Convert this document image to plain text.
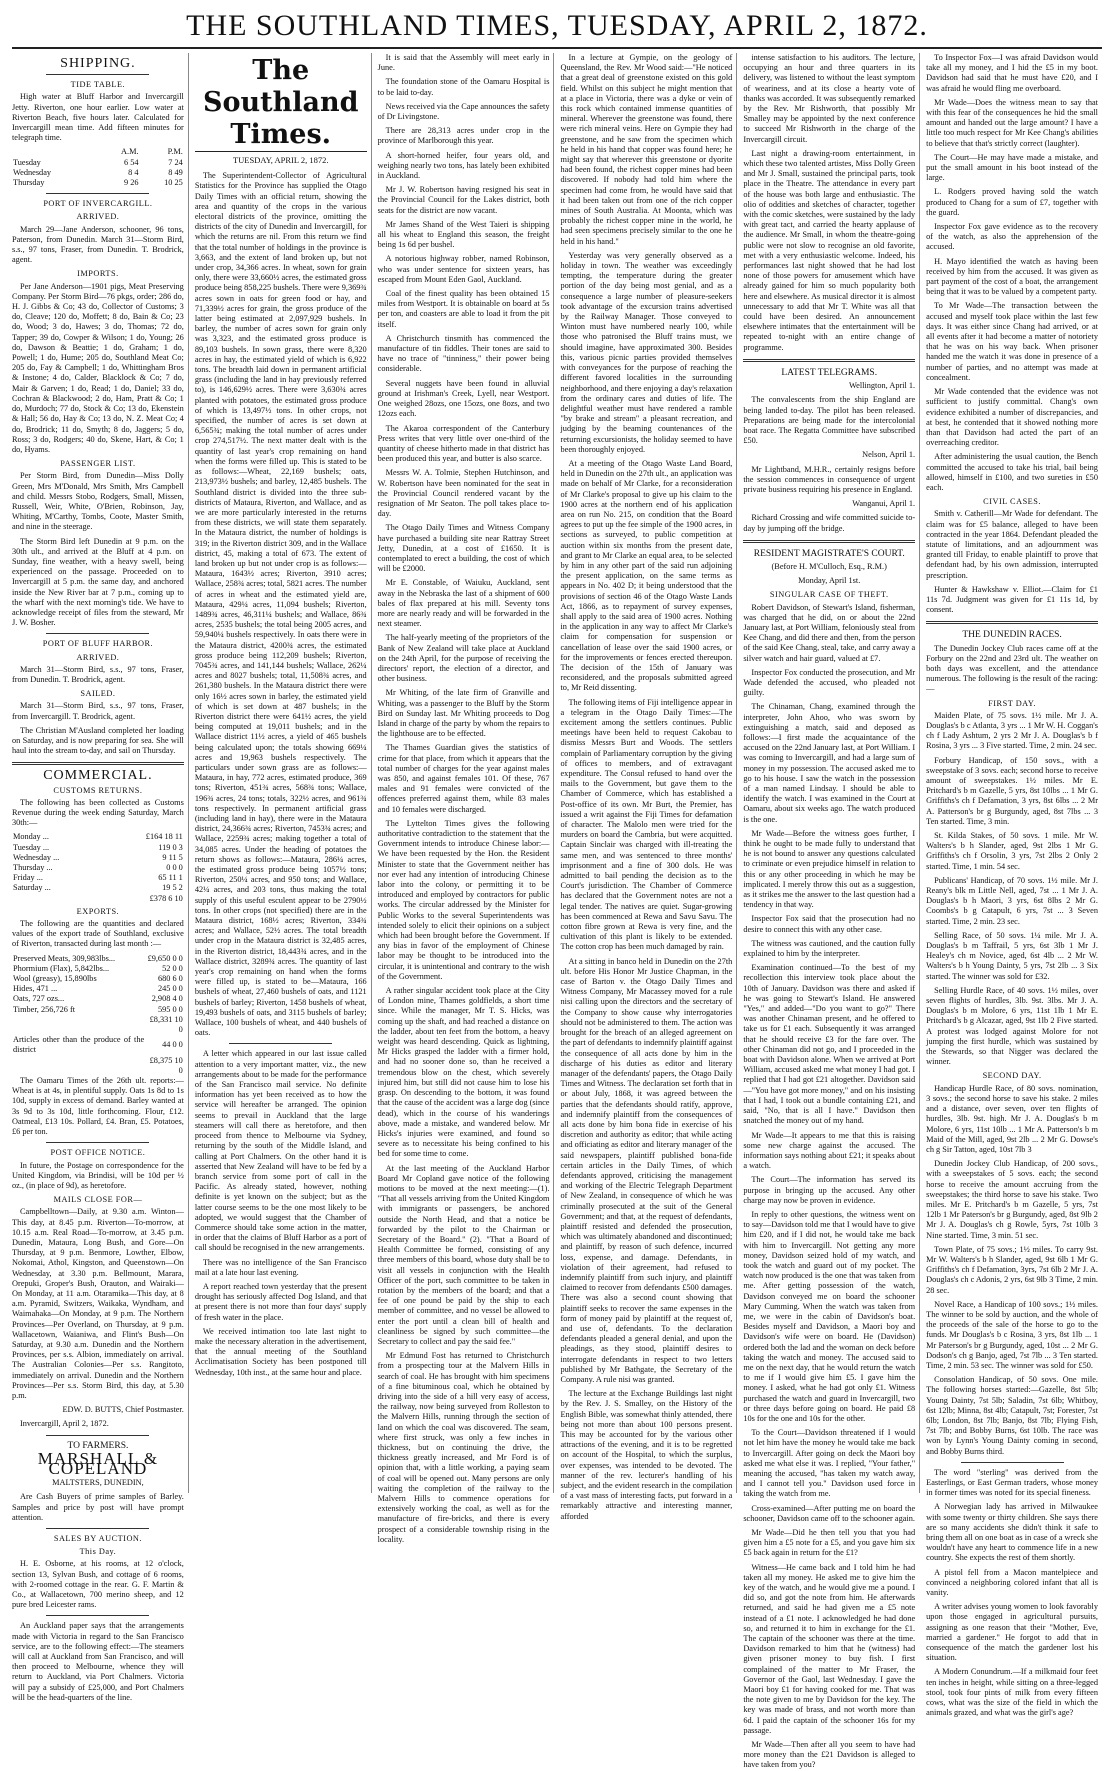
THE SOUTHLAND TIMES, TUESDAY, APRIL 2, 1872.
SHIPPING.
TIDE TABLE.

High water at Bluff Harbor and Invercargill Jetty. Riverton, one hour earlier. Low water at Riverton Beach, five hours later. Calculated for Invercargill mean time. Add fifteen minutes for telegraph time.

	A.M.	P.M.
Tuesday	6 54	7 24
Wednesday	8 4	8 49
Thursday	9 26	10 25
PORT OF INVERCARGILL.
ARRIVED.

March 29—Jane Anderson, schooner, 96 tons, Paterson, from Dunedin. March 31—Storm Bird, s.s., 97 tons, Fraser, from Dunedin. T. Brodrick, agent.

IMPORTS.

Per Jane Anderson—1901 pigs, Meat Preserving Company. Per Storm Bird—76 pkgs, order; 286 do, H. J. Gibbs & Co; 43 do, Collector of Customs; 3 do, Cleave; 120 do, Moffett; 8 do, Bain & Co; 23 do, Wood; 3 do, Hawes; 3 do, Thomas; 72 do, Tapper; 39 do, Cowper & Wilson; 1 do, Young; 26 do, Dawson & Beattie; 1 do, Graham; 1 do, Powell; 1 do, Hume; 205 do, Southland Meat Co; 205 do, Fay & Campbell; 1 do, Whittingham Bros & Instone; 4 do, Calder, Blacklock & Co; 7 do, Mair & Garven; 1 do, Read; 1 do, Daniel; 33 do, Cochran & Blackwood; 2 do, Ham, Pratt & Co; 1 do, Murdoch; 77 do, Stock & Co; 13 do, Ekenstein & Hall; 56 do, Hay & Co; 13 do, N. Z. Meat Co; 4 do, Brodrick; 11 do, Smyth; 8 do, Jaggers; 5 do, Ross; 3 do, Rodgers; 40 do, Skene, Hart, & Co; 1 do, Hyams.

PASSENGER LIST.

Per Storm Bird, from Dunedin—Miss Dolly Green, Mrs M'Donald, Mrs Smith, Mrs Campbell and child. Messrs Stobo, Rodgers, Small, Missen, Russell, Weir, White, O'Brien, Robinson, Jay, Whiting, M'Carthy, Tombs, Coote, Master Smith, and nine in the steerage.

The Storm Bird left Dunedin at 9 p.m. on the 30th ult., and arrived at the Bluff at 4 p.m. on Sunday, fine weather, with a heavy swell, being experienced on the passage. Proceeded on to Invercargill at 5 p.m. the same day, and anchored inside the New River bar at 7 p.m., coming up to the wharf with the next morning's tide. We have to acknowledge receipt of files from the steward, Mr J. W. Bosher.

PORT OF BLUFF HARBOR.
ARRIVED.

March 31—Storm Bird, s.s., 97 tons, Fraser, from Dunedin. T. Brodrick, agent.

SAILED.

March 31—Storm Bird, s.s., 97 tons, Fraser, from Invercargill. T. Brodrick, agent.

The Christian M'Ausland completed her loading on Saturday, and is now preparing for sea. She will haul into the stream to-day, and sail on Thursday.

COMMERCIAL.
CUSTOMS RETURNS.

The following has been collected as Customs Revenue during the week ending Saturday, March 30th:—

Monday ...	£164 18 11
Tuesday ...	119 0 3
Wednesday ...	9 11 5
Thursday ...	0 0 0
Friday ...	65 11 1
Saturday ...	19 5 2
	£378 6 10
EXPORTS.

The following are the quantities and declared values of the export trade of Southland, exclusive of Riverton, transacted during last month :—

Preserved Meats, 309,983lbs...	£9,650 0 0
Phormium (Flax), 5,842lbs...	52 0 0
Wool (greasy), 15,890lbs	680 6 0
Hides, 471 ...	245 0 0
Oats, 727 ozs...	2,908 4 0
Timber, 256,726 ft	595 0 0
	£8,331 10 0
Articles other than the produce of the district	44 0 0
	£8,375 10 0

The Oamaru Times of the 26th ult. reports:— Wheat is at 4s, in plentiful supply. Oats 1s 8d to 1s 10d, supply in excess of demand. Barley wanted at 3s 9d to 3s 10d, little forthcoming. Flour, £12. Oatmeal, £13 10s. Pollard, £4. Bran, £5. Potatoes, £6 per ton.

POST OFFICE NOTICE.

In future, the Postage on correspondence for the United Kingdom, via Brindisi, will be 10d per ½ oz., (in place of 9d), as heretofore.

MAILS CLOSE FOR—

Campbelltown—Daily, at 9.30 a.m. Winton—This day, at 8.45 p.m. Riverton—To-morrow, at 10.15 a.m. Real Road—To-morrow, at 3.45 p.m. Dunedin, Mataura, Long Bush, and Gore—On Thursday, at 9 p.m. Benmore, Lowther, Elbow, Nokomai, Athol, Kingston, and Queenstown—On Wednesday, at 3.30 p.m. Bellmount, Marara, Orepuki, Groper's Bush, Orauton, and Wairaki—On Monday, at 11 a.m. Otaramika—This day, at 8 a.m. Pyramid, Switzers, Waikaka, Wyndham, and Waimahaka—On Monday, at 9 p.m. The Northern Provinces—Per Overland, on Thursday, at 9 p.m. Wallacetown, Waianiwa, and Flint's Bush—On Saturday, at 9.30 a.m. Dunedin and the Northern Provinces, per s.s. Albion, immediately on arrival. The Australian Colonies—Per s.s. Rangitoto, immediately on arrival. Dunedin and the Northern Provinces—Per s.s. Storm Bird, this day, at 5.30 p.m.

EDW. D. BUTTS, Chief Postmaster.

Invercargill, April 2, 1872.

TO FARMERS.

MARSHALL & COPELAND

MALTSTERS, DUNEDIN,

Are Cash Buyers of prime samples of Barley. Samples and price by post will have prompt attention.

SALES BY AUCTION.
This Day.

H. E. Osborne, at his rooms, at 12 o'clock, section 13, Sylvan Bush, and cottage of 6 rooms, with 2-roomed cottage in the rear. G. F. Martin & Co., at Wallacetown, 700 merino sheep, and 12 pure bred Leicester rams.

An Auckland paper says that the arrangements made with Victoria in regard to the San Francisco service, are to the following effect:—The steamers will call at Auckland from San Francisco, and will then proceed to Melbourne, whence they will return to Auckland, via Port Chalmers. Victoria will pay a subsidy of £25,000, and Port Chalmers will be the head-quarters of the line.

The Southland Times.
TUESDAY, APRIL 2, 1872.

The Superintendent-Collector of Agricultural Statistics for the Province has supplied the Otago Daily Times with an official return, showing the area and quantity of the crops in the various electoral districts of the province, omitting the districts of the city of Dunedin and Invercargill, for which the returns are nil. From this return we find that the total number of holdings in the province is 3,663, and the extent of land broken up, but not under crop, 34,366 acres. In wheat, sown for grain only, there were 33,660½ acres, the estimated gross produce being 858,225 bushels. There were 9,369¾ acres sown in oats for green food or hay, and 71,339½ acres for grain, the gross produce of the latter being estimated at 2,097,929 bushels. In barley, the number of acres sown for grain only was 3,323, and the estimated gross produce is 89,103 bushels. In sown grass, there were 8,320 acres in hay, the estimated yield of which is 6,922 tons. The breadth laid down in permanent artificial grass (including the land in hay previously referred to), is 146,629½ acres. There were 3,630¾ acres planted with potatoes, the estimated gross produce of which is 13,497½ tons. In other crops, not specified, the number of acres is set down at 6,565¾; making the total number of acres under crop 274,517½. The next matter dealt with is the quantity of last year's crop remaining on hand when the forms were filled up. This is stated to be as follows:—Wheat, 22,169 bushels; oats, 213,973½ bushels; and barley, 12,485 bushels. The Southland district is divided into the three sub-districts of Mataura, Riverton, and Wallace, and as we are more particularly interested in the returns from these districts, we will state them separately. In the Mataura district, the number of holdings is 319; in the Riverton district 309, and in the Wallace district, 45, making a total of 673. The extent of land broken up but not under crop is as follows:—Mataura, 1643½ acres; Riverton, 3910 acres; Wallace, 258¾ acres; total, 5821 acres. The number of acres in wheat and the estimated yield are, Mataura, 429¼ acres, 11,094 bushels; Riverton, 1489¾ acres, 46,311¼ bushels; and Wallace, 86¾ acres, 2535 bushels; the total being 2005 acres, and 59,940¼ bushels respectively. In oats there were in the Mataura district, 4200¾ acres, the estimated gross produce being 112,209 bushels; Riverton, 7045¾ acres, and 141,144 bushels; Wallace, 262¼ acres and 8027 bushels; total, 11,508¾ acres, and 261,380 bushels. In the Mataura district there were only 16½ acres sown in barley, the estimated yield of which is set down at 487 bushels; in the Riverton district there were 641½ acres, the yield being computed at 19,011 bushels; and in the Wallace district 11½ acres, a yield of 465 bushels being calculated upon; the totals showing 669¼ acres and 19,963 bushels respectively. The particulars under sown grass are as follows:—Mataura, in hay, 772 acres, estimated produce, 369 tons; Riverton, 451¾ acres, 568¾ tons; Wallace, 196¾ acres, 24 tons; totals, 322½ acres, and 961¾ tons respectively. In permanent artificial grass (including land in hay), there were in the Mataura district, 24,366¾ acres; Riverton, 7453¾ acres; and Wallace, 2259¾ acres; making together a total of 34,085 acres. Under the heading of potatoes the return shows as follows:—Mataura, 286¼ acres, the estimated gross produce being 1057½ tons; Riverton, 250¼ acres, and 950 tons; and Wallace, 42¼ acres, and 203 tons, thus making the total supply of this useful esculent appear to be 2790½ tons. In other crops (not specified) there are in the Mataura district, 168½ acres; Riverton, 334¾ acres; and Wallace, 52½ acres. The total breadth under crop in the Mataura district is 32,485 acres, in the Riverton district, 18,443¾ acres, and in the Wallace district, 3289¾ acres. The quantity of last year's crop remaining on hand when the forms were filled up, is stated to be—Mataura, 166 bushels of wheat, 27,460 bushels of oats, and 1121 bushels of barley; Riverton, 1458 bushels of wheat, 19,493 bushels of oats, and 3115 bushels of barley; Wallace, 100 bushels of wheat, and 440 bushels of oats.

A letter which appeared in our last issue called attention to a very important matter, viz., the new arrangements about to be made for the performance of the San Francisco mail service. No definite information has yet been received as to how the service will hereafter be arranged. The opinion seems to prevail in Auckland that the large steamers will call there as heretofore, and then proceed from thence to Melbourne via Sydney, returning by the south of the Middle Island, and calling at Port Chalmers. On the other hand it is asserted that New Zealand will have to be fed by a branch service from some port of call in the Pacific. As already stated, however, nothing definite is yet known on the subject; but as the latter course seems to be the one most likely to be adopted, we would suggest that the Chamber of Commerce should take some action in the matter, in order that the claims of Bluff Harbor as a port of call should be recognised in the new arrangements.

There was no intelligence of the San Francisco mail at a late hour last evening.

A report reached town yesterday that the present drought has seriously affected Dog Island, and that at present there is not more than four days' supply of fresh water in the place.

We received intimation too late last night to make the necessary alteration in the advertisement, that the annual meeting of the Southland Acclimatisation Society has been postponed till Wednesday, 10th inst., at the same hour and place.

It is said that the Assembly will meet early in June.

The foundation stone of the Oamaru Hospital is to be laid to-day.

News received via the Cape announces the safety of Dr Livingstone.

There are 28,313 acres under crop in the province of Marlborough this year.

A short-horned heifer, four years old, and weighing nearly two tons, has lately been exhibited in Auckland.

Mr J. W. Robertson having resigned his seat in the Provincial Council for the Lakes district, both seats for the district are now vacant.

Mr James Shand of the West Taieri is shipping all his wheat to England this season, the freight being 1s 6d per bushel.

A notorious highway robber, named Robinson, who was under sentence for sixteen years, has escaped from Mount Eden Gaol, Auckland.

Coal of the finest quality has been obtained 15 miles from Westport. It is obtainable on board at 5s per ton, and coasters are able to load it from the pit itself.

A Christchurch tinsmith has commenced the manufacture of tin fiddles. Their tones are said to have no trace of "tinniness," their power being considerable.

Several nuggets have been found in alluvial ground at Irishman's Creek, Lyell, near Westport. One weighed 28ozs, one 15ozs, one 8ozs, and two 12ozs each.

The Akaroa correspondent of the Canterbury Press writes that very little over one-third of the quantity of cheese hitherto made in that district has been produced this year, and butter is also scarce.

Messrs W. A. Tolmie, Stephen Hutchinson, and W. Robertson have been nominated for the seat in the Provincial Council rendered vacant by the resignation of Mr Seaton. The poll takes place to-day.

The Otago Daily Times and Witness Company have purchased a building site near Rattray Street Jetty, Dunedin, at a cost of £1650. It is contemplated to erect a building, the cost of which will be £2000.

Mr E. Constable, of Waiuku, Auckland, sent away in the Nebraska the last of a shipment of 600 bales of flax prepared at his mill. Seventy tons more are nearly ready and will be forwarded in the next steamer.

The half-yearly meeting of the proprietors of the Bank of New Zealand will take place at Auckland on the 24th April, for the purpose of receiving the directors' report, the election of a director, and other business.

Mr Whiting, of the late firm of Granville and Whiting, was a passenger to the Bluff by the Storm Bird on Sunday last. Mr Whiting proceeds to Dog Island in charge of the party by whom the repairs to the lighthouse are to be effected.

The Thames Guardian gives the statistics of crime for that place, from which it appears that the total number of charges for the year against males was 850, and against females 101. Of these, 767 males and 91 females were convicted of the offences preferred against them, while 83 males and 10 females were discharged.

The Lyttelton Times gives the following authoritative contradiction to the statement that the Government intends to introduce Chinese labor:—We have been requested by the Hon. the Resident Minister to state that the Government neither has nor ever had any intention of introducing Chinese labor into the colony, or permitting it to be introduced and employed by contractors for public works. The circular addressed by the Minister for Public Works to the several Superintendents was intended solely to elicit their opinions on a subject which had been brought before the Government. If any bias in favor of the employment of Chinese labor may be thought to be introduced into the circular, it is unintentional and contrary to the wish of the Government.

A rather singular accident took place at the City of London mine, Thames goldfields, a short time since. While the manager, Mr T. S. Hicks, was coming up the shaft, and had reached a distance on the ladder, about ten feet from the bottom, a heavy weight was heard descending. Quick as lightning, Mr Hicks grasped the ladder with a firmer hold, and had no sooner done so, than he received a tremendous blow on the chest, which severely injured him, but still did not cause him to lose his grasp. On descending to the bottom, it was found that the cause of the accident was a large dog (since dead), which in the course of his wanderings above, made a mistake, and wandered below. Mr Hicks's injuries were examined, and found so severe as to necessitate his being confined to his bed for some time to come.

At the last meeting of the Auckland Harbor Board Mr Copland gave notice of the following motions to be moved at the next meeting:—(1). "That all vessels arriving from the United Kingdom with immigrants or passengers, be anchored outside the North Head, and that a notice be forwarded by the pilot to the Chairman or Secretary of the Board." (2). "That a Board of Health Committee be formed, consisting of any three members of this board, whose duty shall be to visit all vessels in conjunction with the Health Officer of the port, such committee to be taken in rotation by the members of the board; and that a fee of one pound be paid by the ship to each member of committee, and no vessel be allowed to enter the port until a clean bill of health and cleanliness be signed by such committee—the Secretary to collect and pay the said fee."

Mr Edmund Fost has returned to Christchurch from a prospecting tour at the Malvern Hills in search of coal. He has brought with him specimens of a fine bituminous coal, which he obtained by driving into the side of a hill very easy of access, the railway, now being surveyed from Rolleston to the Malvern Hills, running through the section of land on which the coal was discovered. The seam, where first struck, was only a few inches in thickness, but on continuing the drive, the thickness greatly increased, and Mr Ford is of opinion that, with a little working, a paying seam of coal will be opened out. Many persons are only waiting the completion of the railway to the Malvern Hills to commence operations for extensively working the coal, as well as for the manufacture of fire-bricks, and there is every prospect of a considerable township rising in the locality.

In a lecture at Gympie, on the geology of Queensland, the Rev. Mr Wood said:—"He noticed that a great deal of greenstone existed on this gold field. Whilst on this subject he might mention that at a place in Victoria, there was a dyke or vein of this rock which contained immense quantities of mineral. Wherever the greenstone was found, there were rich mineral veins. Here on Gympie they had greenstone, and he saw from the specimen which he held in his hand that copper was found here; he might say that wherever this greenstone or dyorite had been found, the richest copper mines had been discovered. If nobody had told him where the specimen had come from, he would have said that it had been taken out from one of the rich copper mines of South Australia. At Moonta, which was probably the richest copper mine in the world, he had seen specimens precisely similar to the one he held in his hand."

Yesterday was very generally observed as a holiday in town. The weather was exceedingly tempting, the temperature during the greater portion of the day being most genial, and as a consequence a large number of pleasure-seekers took advantage of the excursion trains advertised by the Railway Manager. Those conveyed to Winton must have numbered nearly 100, while those who patronised the Bluff trains must, we should imagine, have approximated 300. Besides this, various picnic parties provided themselves with conveyances for the purpose of reaching the different favored localities in the surrounding neighborhood, and there enjoying a day's relaxation from the ordinary cares and duties of life. The delightful weather must have rendered a ramble "by brake and stream" a pleasant recreation, and judging by the beaming countenances of the returning excursionists, the holiday seemed to have been thoroughly enjoyed.

At a meeting of the Otago Waste Land Board, held in Dunedin on the 27th ult., an application was made on behalf of Mr Clarke, for a reconsideration of Mr Clarke's proposal to give up his claim to the 1900 acres at the northern end of his application area on run No. 215, on condition that the Board agrees to put up the fee simple of the 1900 acres, in sections as surveyed, to public competition at auction within six months from the present date, and grant to Mr Clarke an equal area, to be selected by him in any other part of the said run adjoining the present application, on the same terms as appears in No. 402 D; it being understood that the provisions of section 46 of the Otago Waste Lands Act, 1866, as to repayment of survey expenses, shall apply to the said area of 1900 acres. Nothing in the application in any way to affect Mr Clarke's claim for compensation for suspension or cancellation of lease over the said 1900 acres, or for the improvements or fences erected thereupon. The decision of the 15th of January was reconsidered, and the proposals submitted agreed to, Mr Reid dissenting.

The following items of Fiji intelligence appear in a telegram in the Otago Daily Times:—The excitement among the settlers continues. Public meetings have been held to request Cakobau to dismiss Messrs Burt and Woods. The settlers complain of Parliamentary corruption by the giving of offices to members, and of extravagant expenditure. The Consul refused to hand over the mails to the Government, but gave them to the Chamber of Commerce, which has established a Post-office of its own. Mr Burt, the Premier, has issued a writ against the Fiji Times for defamation of character. The Malolo men were tried for the murders on board the Cambria, but were acquitted. Captain Sinclair was charged with ill-treating the same men, and was sentenced to three months' imprisonment and a fine of 300 dols. He was admitted to bail pending the decision as to the Court's jurisdiction. The Chamber of Commerce has declared that the Government notes are not a legal tender. The natives are quiet. Sugar-growing has been commenced at Rewa and Savu Savu. The cotton fibre grown at Rewa is very fine, and the cultivation of this plant is likely to be extended. The cotton crop has been much damaged by rain.

At a sitting in banco held in Dunedin on the 27th ult. before His Honor Mr Justice Chapman, in the case of Barton v. the Otago Daily Times and Witness Company, Mr Macassey moved for a rule nisi calling upon the directors and the secretary of the Company to show cause why interrogatories should not be administered to them. The action was brought for the breach of an alleged agreement on the part of defendants to indemnify plaintiff against the consequence of all acts done by him in the discharge of his duties as editor and literary manager of the defendants' papers, the Otago Daily Times and Witness. The declaration set forth that in or about July, 1868, it was agreed between the parties that the defendants should ratify, approve, and indemnify plaintiff from the consequences of all acts done by him bona fide in exercise of his discretion and authority as editor; that while acting and officiating as editor and literary manager of the said newspapers, plaintiff published bona-fide certain articles in the Daily Times, of which defendants approved, criticising the management and working of the Electric Telegraph Department of New Zealand, in consequence of which he was criminally prosecuted at the suit of the General Government; and that, at the request of defendants, plaintiff resisted and defended the prosecution, which was ultimately abandoned and discontinued; and plaintiff, by reason of such defence, incurred loss, expense, and damage. Defendants, in violation of their agreement, had refused to indemnify plaintiff from such injury, and plaintiff claimed to recover from defendants £500 damages. There was also a second count showing that plaintiff seeks to recover the same expenses in the form of money paid by plaintiff at the request of, and use of, defendants. To the declaration defendants pleaded a general denial, and upon the pleadings, as they stood, plaintiff desires to interrogate defendants in respect to two letters published by Mr Bathgate, the Secretary of the Company. A rule nisi was granted.

The lecture at the Exchange Buildings last night by the Rev. J. S. Smalley, on the History of the English Bible, was somewhat thinly attended, there being not more than about 100 persons present. This may be accounted for by the various other attractions of the evening, and it is to be regretted on account of the Hospital, to which the surplus, over expenses, was intended to be devoted. The manner of the rev. lecturer's handling of his subject, and the evident research in the compilation of a vast mass of interesting facts, put forward in a remarkably attractive and interesting manner, afforded

intense satisfaction to his auditors. The lecture, occupying an hour and three quarters in its delivery, was listened to without the least symptom of weariness, and at its close a hearty vote of thanks was accorded. It was subsequently remarked by the Rev. Mr Rishworth, that possibly Mr Smalley may be appointed by the next conference to succeed Mr Rishworth in the charge of the Invercargill circuit.

Last night a drawing-room entertainment, in which these two talented artistes, Miss Dolly Green and Mr J. Small, sustained the principal parts, took place in the Theatre. The attendance in every part of the house was both large and enthusiastic. The olio of oddities and sketches of character, together with the comic sketches, were sustained by the lady with great tact, and carried the hearty applause of the audience. Mr Small, in whom the theatre-going public were not slow to recognise an old favorite, met with a very enthusiastic welcome. Indeed, his performances last night showed that he had lost none of those powers for amusement which have already gained for him so much popularity both here and elsewhere. As musical director it is almost unnecessary to add that Mr T. White was all that could have been desired. An announcement elsewhere intimates that the entertainment will be repeated to-night with an entire change of programme.

LATEST TELEGRAMS.

Wellington, April 1.

The convalescents from the ship England are being landed to-day. The pilot has been released. Preparations are being made for the intercolonial boat race. The Regatta Committee have subscribed £50.

Nelson, April 1.

Mr Lightband, M.H.R., certainly resigns before the session commences in consequence of urgent private business requiring his presence in England.

Wanganui, April 1.

Richard Crossing and wife committed suicide to-day by jumping off the bridge.

RESIDENT MAGISTRATE'S COURT.

(Before H. M'Culloch, Esq., R.M.)

Monday, April 1st.

SINGULAR CASE OF THEFT.

Robert Davidson, of Stewart's Island, fisherman, was charged that he did, on or about the 22nd January last, at Port William, feloniously steal from Kee Chang, and did there and then, from the person of the said Kee Chang, steal, take, and carry away a silver watch and hair guard, valued at £7.

Inspector Fox conducted the prosecution, and Mr Wade defended the accused, who pleaded not guilty.

The Chinaman, Chang, examined through the interpreter, John Ahoo, who was sworn by extinguishing a match, said and deposed as follows:—I first made the acquaintance of the accused on the 22nd January last, at Port William. I was coming to Invercargill, and had a large sum of money in my possession. The accused asked me to go to his house. I saw the watch in the possession of a man named Lindsay. I should be able to identify the watch. I was examined in the Court at Oamaru, about six weeks ago. The watch produced is the one.

Mr Wade—Before the witness goes further, I think he ought to be made fully to understand that he is not bound to answer any questions calculated to criminate or even prejudice himself in relation to this or any other proceeding in which he may be implicated. I merely throw this out as a suggestion, as it strikes me the answer to the last question had a tendency in that way.

Inspector Fox said that the prosecution had no desire to connect this with any other case.

The witness was cautioned, and the caution fully explained to him by the interpreter.

Examination continued—To the best of my recollection this interview took place about the 10th of January. Davidson was there and asked if he was going to Stewart's Island. He answered "Yes," and added—"Do you want to go?" There was another Chinaman present, and he offered to take us for £1 each. Subsequently it was arranged that he should receive £3 for the fare over. The other Chinaman did not go, and I proceeded in the boat with Davidson alone. When we arrived at Port William, accused asked me what money I had got. I replied that I had got £21 altogether. Davidson said—"You have got more money," and on his insisting that I had, I took out a bundle containing £21, and said, "No, that is all I have." Davidson then snatched the money out of my hand.

Mr Wade—It appears to me that this is raising some new charge against the accused. The information says nothing about £21; it speaks about a watch.

The Court—The information has served its purpose in bringing up the accused. Any other charge may now be proven in evidence.

In reply to other questions, the witness went on to say—Davidson told me that I would have to give him £20, and if I did not, he would take me back with him to Invercargill. Not getting any more money, Davidson seized hold of my watch, and took the watch and guard out of my pocket. The watch now produced is the one that was taken from me. After getting possession of the watch, Davidson conveyed me on board the schooner Mary Cumming. When the watch was taken from me, we were in the cabin of Davidson's boat. Besides myself and Davidson, a Maori boy and Davidson's wife were on board. He (Davidson) ordered both the lad and the woman on deck before taking the watch and money. The accused said to me on the next day, that he would return the watch to me if I would give him £5. I gave him the money. I asked, what he had got only £1. Witness purchased the watch and guard in Invercargill, two or three days before going on board. He paid £8 10s for the one and 10s for the other.

To the Court—Davidson threatened if I would not let him have the money he would take me back to Invercargill. After going on deck the Maori boy asked me what else it was. I replied, "Your father," meaning the accused, "has taken my watch away, and I cannot tell you." Davidson used force in taking the watch from me.

Cross-examined—After putting me on board the schooner, Davidson came off to the schooner again.

Mr Wade—Did he then tell you that you had given him a £5 note for a £5, and you gave him six £5 back again in return for the £1?

Witness—He came back and I told him he had taken all my money. He asked me to give him the key of the watch, and he would give me a pound. I did so, and got the note from him. He afterwards returned, and said he had given me a £5 note instead of a £1 note. I acknowledged he had done so, and returned it to him in exchange for the £1. The captain of the schooner was there at the time. Davidson remarked to him that he (witness) had given prisoner money to buy fish. I first complained of the matter to Mr Fraser, the Governor of the Gaol, last Wednesday. I gave the Maori boy £1 for having cooked for me. That was the note given to me by Davidson for the key. The key was made of brass, and not worth more than 6d. I paid the captain of the schooner 16s for my passage.

Mr Wade—Then after all you seem to have had more money than the £21 Davidson is alleged to have taken from you?

To Inspector Fox—I was afraid Davidson would take all my money, and I hid the £5 in my boot. Davidson had said that he must have £20, and I was afraid he would fling me overboard.

Mr Wade—Does the witness mean to say that with this fear of the consequences he hid the small amount and handed out the large amount? I have a little too much respect for Mr Kee Chang's abilities to believe that that's strictly correct (laughter).

The Court—He may have made a mistake, and put the small amount in his boot instead of the large.

L. Rodgers proved having sold the watch produced to Chang for a sum of £7, together with the guard.

Inspector Fox gave evidence as to the recovery of the watch, as also the apprehension of the accused.

H. Mayo identified the watch as having been received by him from the accused. It was given as part payment of the cost of a boat, the arrangement being that it was to be valued by a competent party.

To Mr Wade—The transaction between the accused and myself took place within the last few days. It was either since Chang had arrived, or at all events after it had become a matter of notoriety that he was on his way back. When prisoner handed me the watch it was done in presence of a number of parties, and no attempt was made at concealment.

Mr Wade contended that the evidence was not sufficient to justify committal. Chang's own evidence exhibited a number of discrepancies, and at best, he contended that it showed nothing more than that Davidson had acted the part of an overreaching creditor.

After administering the usual caution, the Bench committed the accused to take his trial, bail being allowed, himself in £100, and two sureties in £50 each.

CIVIL CASES.

Smith v. Catherill—Mr Wade for defendant. The claim was for £5 balance, alleged to have been contracted in the year 1864. Defendant pleaded the statute of limitations, and an adjournment was granted till Friday, to enable plaintiff to prove that defendant had, by his own admission, interrupted prescription.

Hunter & Hawkshaw v. Elliot.—Claim for £1 11s 7d. Judgment was given for £1 11s 1d, by consent.

THE DUNEDIN RACES.

The Dunedin Jockey Club races came off at the Forbury on the 22nd and 23rd ult. The weather on both days was excellent, and the attendance numerous. The following is the result of the racing:—

FIRST DAY.

Maiden Plate, of 75 sovs. 1½ mile. Mr J. A. Douglas's b c Atlanta, 3 yrs ... 1 Mr W. H. Coggan's ch f Lady Ashtum, 2 yrs 2 Mr J. A. Douglas's b f Rosina, 3 yrs ... 3 Five started. Time, 2 min. 24 sec.

Forbury Handicap, of 150 sovs., with a sweepstake of 3 sovs. each; second horse to receive amount of sweepstakes. 1½ miles. Mr E. Pritchard's b m Gazelle, 5 yrs, 8st 10lbs ... 1 Mr G. Griffiths's ch f Defamation, 3 yrs, 8st 6lbs ... 2 Mr A. Patterson's br g Burgundy, aged, 8st 7lbs ... 3 Ten started. Time, 3 min.

St. Kilda Stakes, of 50 sovs. 1 mile. Mr W. Walters's b h Slander, aged, 9st 2lbs 1 Mr G. Griffiths's ch f Orsolin, 3 yrs, 7st 2lbs 2 Only 2 started. Time, 1 min. 54 sec.

Publicans' Handicap, of 70 sovs. 1½ mile. Mr J. Reany's blk m Little Nell, aged, 7st ... 1 Mr J. A. Douglas's b h Maori, 3 yrs, 6st 8lbs 2 Mr G. Coombs's b g Catapult, 6 yrs, 7st ... 3 Seven started. Time, 2 min. 23 sec.

Selling Race, of 50 sovs. 1¼ mile. Mr J. A. Douglas's b m Taffrail, 5 yrs, 6st 3lb 1 Mr J. Healey's ch m Novice, aged, 6st 4lb ... 2 Mr W. Walters's b h Young Dainty, 5 yrs, 7st 2lb ... 3 Six started. The winner was sold for £32.

Selling Hurdle Race, of 40 sovs. 1½ miles, over seven flights of hurdles, 3lb. 9st. 3lbs. Mr J. A. Douglas's b m Molore, 6 yrs, 11st 1lb 1 Mr E. Pritchard's b g Alcazar, aged, 9st 1lb 2 Five started. A protest was lodged against Molore for not jumping the first hurdle, which was sustained by the Stewards, so that Nigger was declared the winner.

SECOND DAY.

Handicap Hurdle Race, of 80 sovs. nomination, 3 sovs.; the second horse to save his stake. 2 miles and a distance, over seven, over ten flights of hurdles, 3lb. 9st. high. Mr J. A. Douglas's b m Molore, 6 yrs, 11st 10lb ... 1 Mr A. Patterson's b m Maid of the Mill, aged, 9st 2lb ... 2 Mr G. Dowse's ch g Sir Tatton, aged, 10st 7lb 3

Dunedin Jockey Club Handicap, of 200 sovs., with a sweepstakes of 5 sovs. each; the second horse to receive the amount accruing from the sweepstakes; the third horse to save his stake. Two miles. Mr E. Pritchard's b m Gazelle, 5 yrs, 7st 12lb 1 Mr Paterson's br g Burgundy, aged, 8st 9lb 2 Mr J. A. Douglas's ch g Rowle, 5yrs, 7st 10lb 3 Nine started. Time, 3 min. 51 sec.

Town Plate, of 75 sovs.; 1½ miles. To carry 9st. Mr W. Walters's b h Slander, aged, 9st 6lb 1 Mr G. Griffiths's ch f Defamation, 3yrs, 7st 6lb 2 Mr J. A. Douglas's ch c Adonis, 2 yrs, 6st 9lb 3 Time, 2 min. 28 sec.

Novel Race, a Handicap of 100 sovs.; 1½ miles. The winner to be sold by auction, and the whole of the proceeds of the sale of the horse to go to the funds. Mr Douglas's b c Rosina, 3 yrs, 8st 1lb ... 1 Mr Paterson's br g Burgundy, aged, 10st ... 2 Mr G. Dodson's ch g Banjo, aged, 7st 7lb ... 3 Ten started. Time, 2 min. 53 sec. The winner was sold for £50.

Consolation Handicap, of 50 sovs. One mile. The following horses started:—Gazelle, 8st 5lb; Young Dainty, 7st 5lb; Saladin, 7st 6lb; Whitboy, 6st 12lb; Minna, 8st 4lb; Catapult, 7st; Forester, 7st 6lb; London, 8st 7lb; Banjo, 8st 7lb; Flying Fish, 7st 7lb; and Bobby Burns, 6st 10lb. The race was won by Lynn's Young Dainty coming in second, and Bobby Burns third.

The word "sterling" was derived from the Easterlings, or East German traders, whose money in former times was noted for its special fineness.

A Norwegian lady has arrived in Milwaukee with some twenty or thirty children. She says there are so many accidents she didn't think it safe to bring them all on one boat as in case of a wreck she wouldn't have any heart to commence life in a new country. She expects the rest of them shortly.

A pistol fell from a Macon mantelpiece and convinced a neighboring colored infant that all is vanity.

A writer advises young women to look favorably upon those engaged in agricultural pursuits, assigning as one reason that their "Mother, Eve, married a gardener." He forgot to add that in consequence of the match the gardener lost his situation.

A Modern Conundrum.—If a milkmaid four feet ten inches in height, while sitting on a three-legged stool, took four pints of milk from every fifteen cows, what was the size of the field in which the animals grazed, and what was the girl's age?
